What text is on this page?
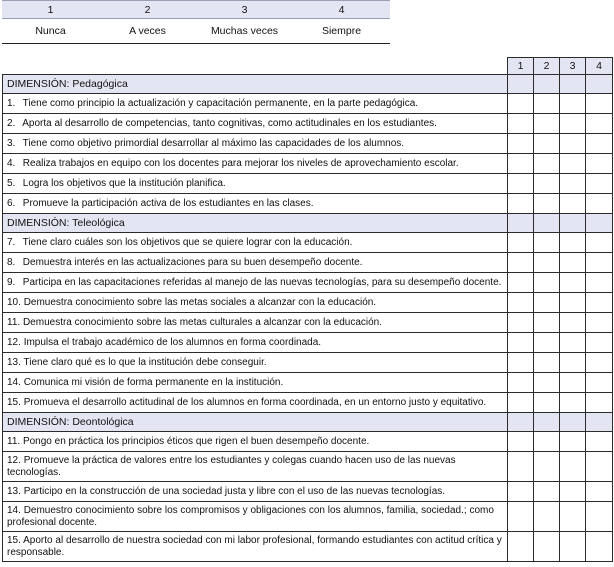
1	2	3	4
Nunca	A veces	Muchas veces	Siempre
	1	2	3	4
DIMENSIÓN: Pedagógica				
1. Tiene como principio la actualización y capacitación permanente, en la parte pedagógica.				
2. Aporta al desarrollo de competencias, tanto cognitivas, como actitudinales en los estudiantes.				
3. Tiene como objetivo primordial desarrollar al máximo las capacidades de los alumnos.				
4. Realiza trabajos en equipo con los docentes para mejorar los niveles de aprovechamiento escolar.				
5. Logra los objetivos que la institución planifica.				
6. Promueve la participación activa de los estudiantes en las clases.				
DIMENSIÓN: Teleológica				
7. Tiene claro cuáles son los objetivos que se quiere lograr con la educación.				
8. Demuestra interés en las actualizaciones para su buen desempeño docente.				
9. Participa en las capacitaciones referidas al manejo de las nuevas tecnologías, para su desempeño docente.				
10. Demuestra conocimiento sobre las metas sociales a alcanzar con la educación.				
11. Demuestra conocimiento sobre las metas culturales a alcanzar con la educación.				
12. Impulsa el trabajo académico de los alumnos en forma coordinada.				
13. Tiene claro qué es lo que la institución debe conseguir.				
14. Comunica mi visión de forma permanente en la institución.				
15. Promueva el desarrollo actitudinal de los alumnos en forma coordinada, en un entorno justo y equitativo.				
DIMENSIÓN: Deontológica				
11. Pongo en práctica los principios éticos que rigen el buen desempeño docente.				
12. Promueve la práctica de valores entre los estudiantes y colegas cuando hacen uso de las nuevas tecnologías.				
13. Participo en la construcción de una sociedad justa y libre con el uso de las nuevas tecnologías.				
14. Demuestro conocimiento sobre los compromisos y obligaciones con los alumnos, familia, sociedad.; como profesional docente.				
15. Aporto al desarrollo de nuestra sociedad con mi labor profesional, formando estudiantes con actitud crítica y responsable.				
